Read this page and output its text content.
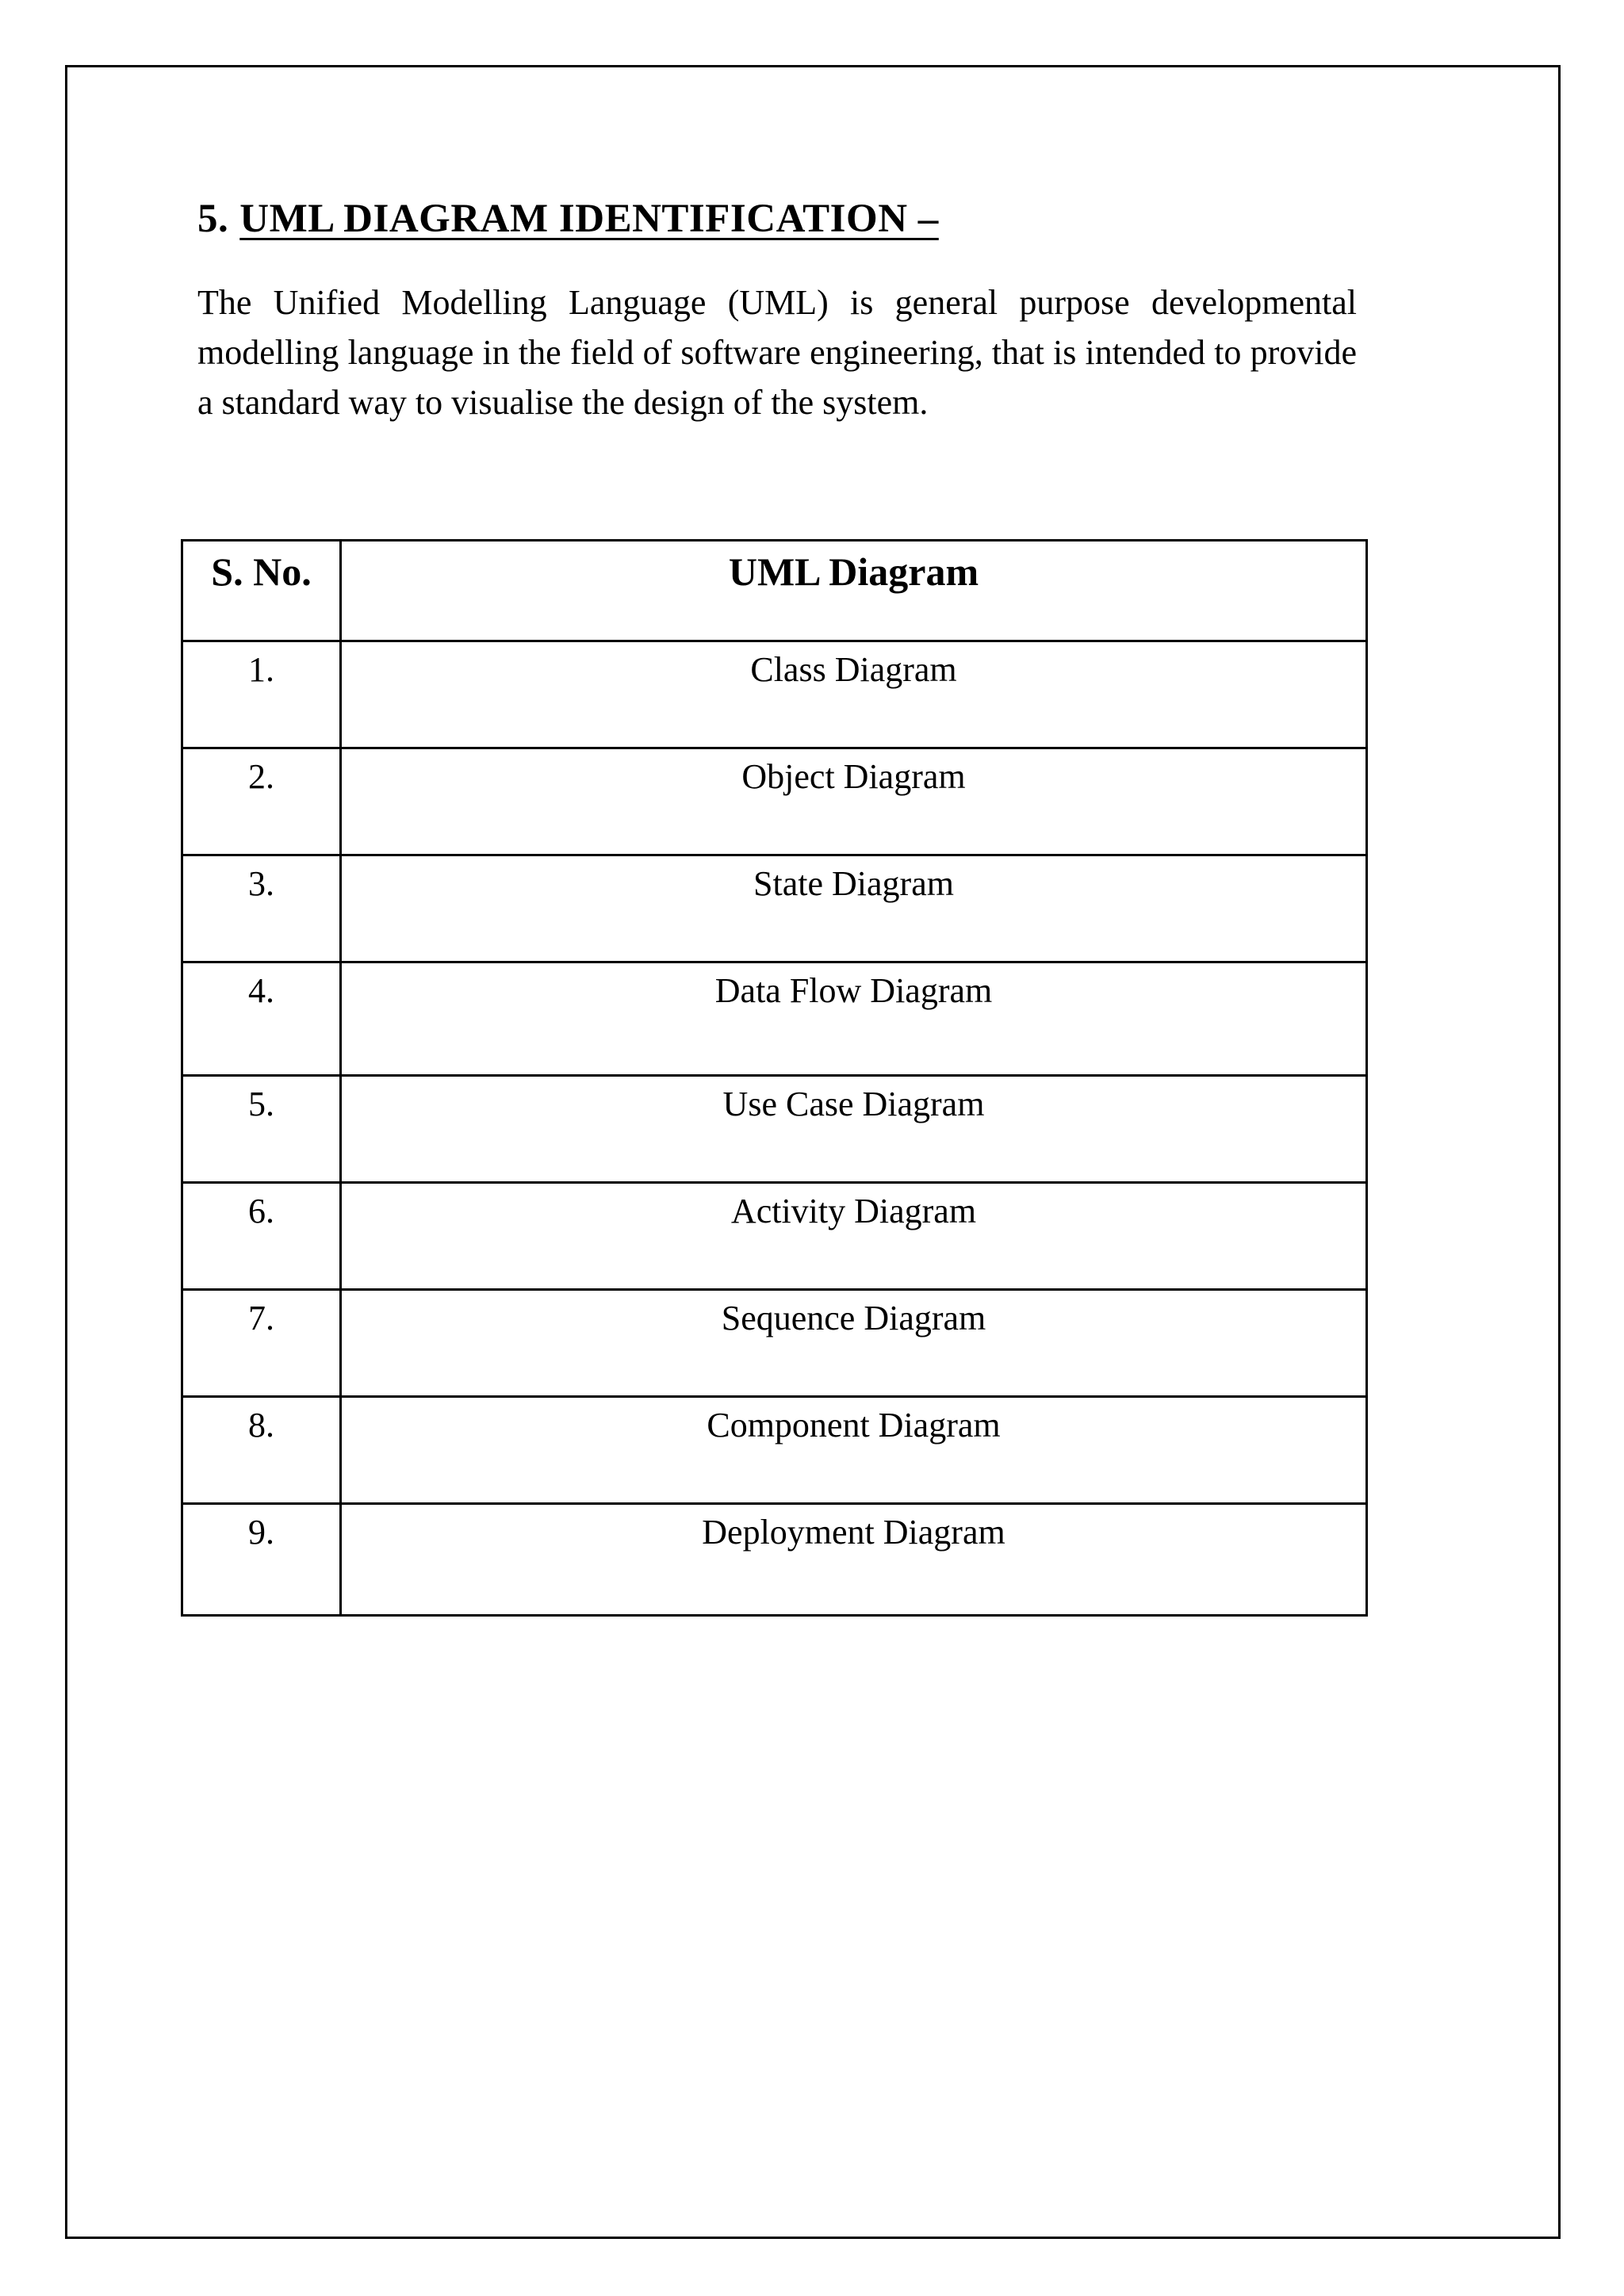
5. UML DIAGRAM IDENTIFICATION –

The Unified Modelling Language (UML) is general purpose developmental modelling language in the field of software engineering, that is intended to provide a standard way to visualise the design of the system.

S. No.	UML Diagram
1.	Class Diagram
2.	Object Diagram
3.	State Diagram
4.	Data Flow Diagram
5.	Use Case Diagram
6.	Activity Diagram
7.	Sequence Diagram
8.	Component Diagram
9.	Deployment Diagram
